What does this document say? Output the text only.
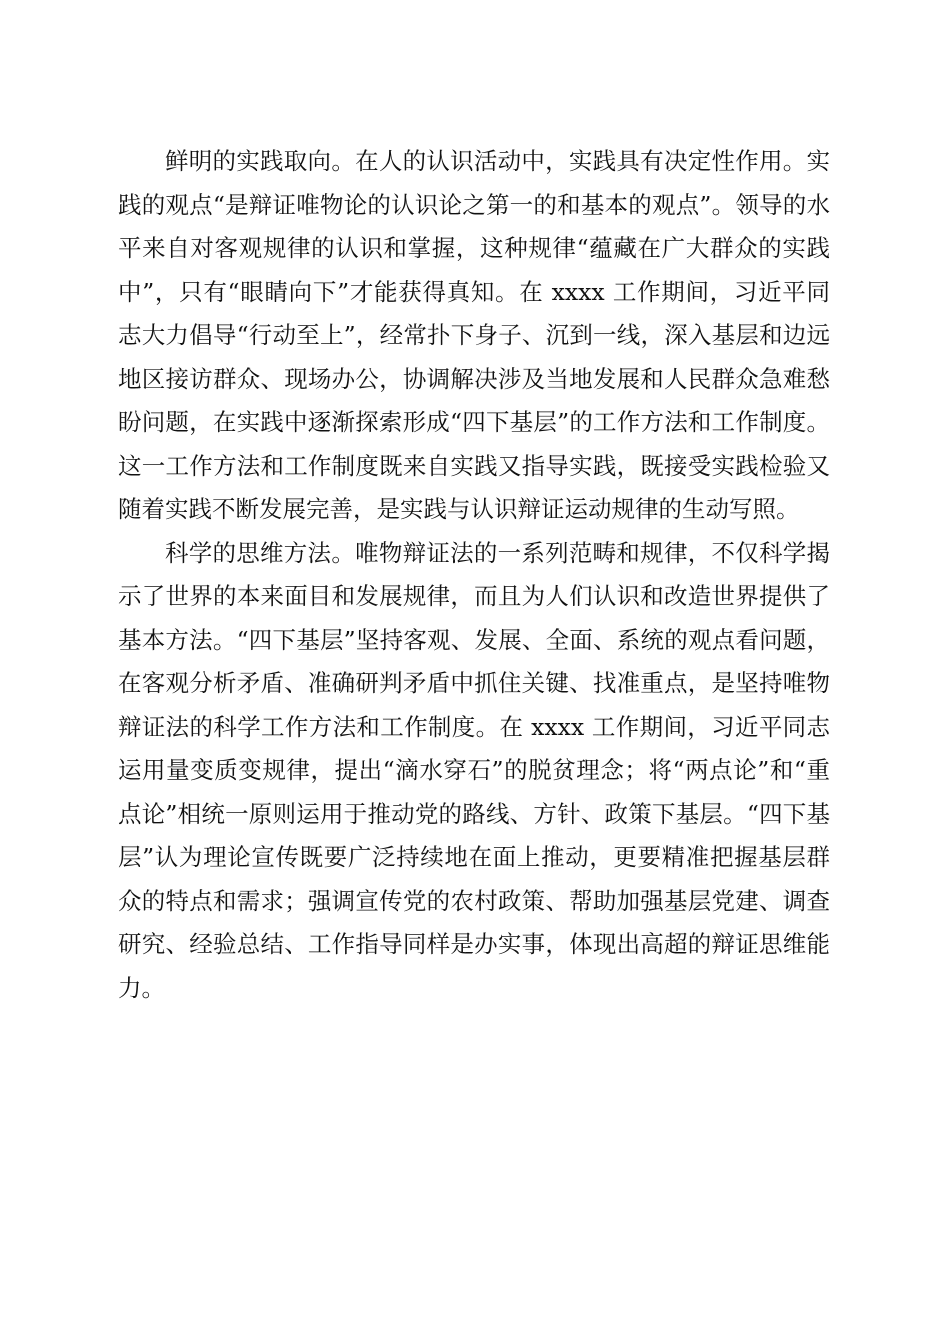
鲜明的实践取向。在人的认识活动中，实践具有决定性作用。实践的观点“是辩证唯物论的认识论之第一的和基本的观点”。领导的水平来自对客观规律的认识和掌握，这种规律“蕴藏在广大群众的实践中”，只有“眼睛向下”才能获得真知。在 xxxx 工作期间，习近平同志大力倡导“行动至上”，经常扑下身子、沉到一线，深入基层和边远地区接访群众、现场办公，协调解决涉及当地发展和人民群众急难愁盼问题，在实践中逐渐探索形成“四下基层”的工作方法和工作制度。这一工作方法和工作制度既来自实践又指导实践，既接受实践检验又随着实践不断发展完善，是实践与认识辩证运动规律的生动写照。

科学的思维方法。唯物辩证法的一系列范畴和规律，不仅科学揭示了世界的本来面目和发展规律，而且为人们认识和改造世界提供了基本方法。“四下基层”坚持客观、发展、全面、系统的观点看问题，在客观分析矛盾、准确研判矛盾中抓住关键、找准重点，是坚持唯物辩证法的科学工作方法和工作制度。在 xxxx 工作期间，习近平同志运用量变质变规律，提出“滴水穿石”的脱贫理念；将“两点论”和“重点论”相统一原则运用于推动党的路线、方针、政策下基层。“四下基层”认为理论宣传既要广泛持续地在面上推动，更要精准把握基层群众的特点和需求；强调宣传党的农村政策、帮助加强基层党建、调查研究、经验总结、工作指导同样是办实事，体现出高超的辩证思维能力。
